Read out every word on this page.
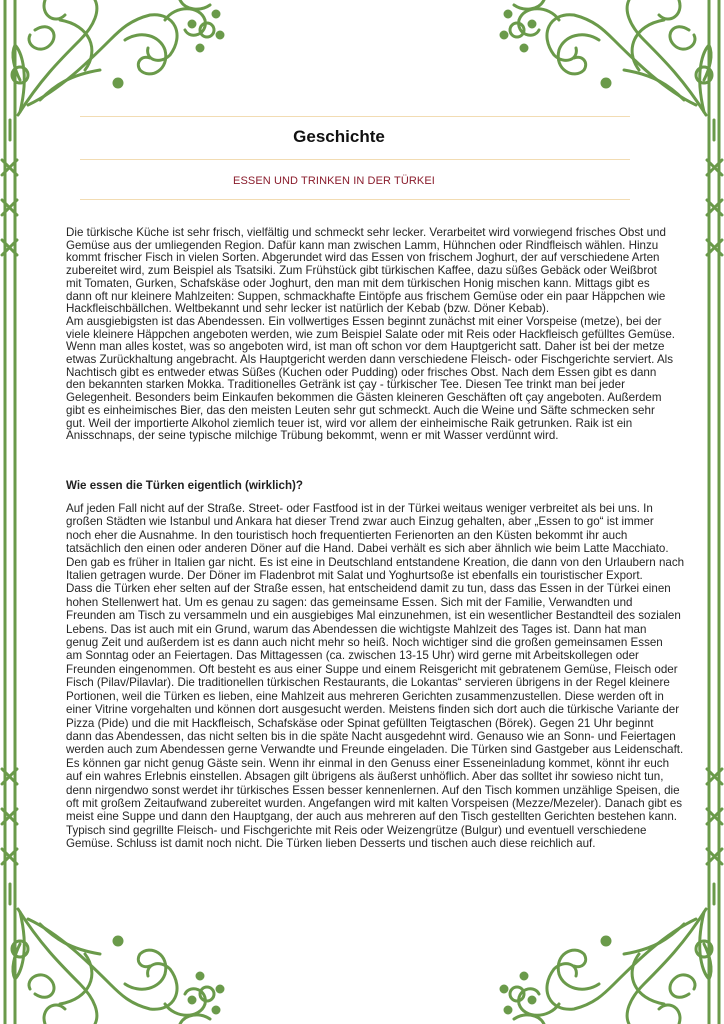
Geschichte
ESSEN UND TRINKEN IN DER TÜRKEI
Die türkische Küche ist sehr frisch, vielfältig und schmeckt sehr lecker. Verarbeitet wird vorwiegend frisches Obst und
Gemüse aus der umliegenden Region. Dafür kann man zwischen Lamm, Hühnchen oder Rindfleisch wählen. Hinzu
kommt frischer Fisch in vielen Sorten. Abgerundet wird das Essen von frischem Joghurt, der auf verschiedene Arten
zubereitet wird, zum Beispiel als Tsatsiki. Zum Frühstück gibt türkischen Kaffee, dazu süßes Gebäck oder Weißbrot
mit Tomaten, Gurken, Schafskäse oder Joghurt, den man mit dem türkischen Honig mischen kann. Mittags gibt es
dann oft nur kleinere Mahlzeiten: Suppen, schmackhafte Eintöpfe aus frischem Gemüse oder ein paar Häppchen wie
Hackfleischbällchen. Weltbekannt und sehr lecker ist natürlich der Kebab (bzw. Döner Kebab).
Am ausgiebigsten ist das Abendessen. Ein vollwertiges Essen beginnt zunächst mit einer Vorspeise (metze), bei der
viele kleinere Häppchen angeboten werden, wie zum Beispiel Salate oder mit Reis oder Hackfleisch gefülltes Gemüse.
Wenn man alles kostet, was so angeboten wird, ist man oft schon vor dem Hauptgericht satt. Daher ist bei der metze
etwas Zurückhaltung angebracht. Als Hauptgericht werden dann verschiedene Fleisch- oder Fischgerichte serviert. Als
Nachtisch gibt es entweder etwas Süßes (Kuchen oder Pudding) oder frisches Obst. Nach dem Essen gibt es dann
den bekannten starken Mokka. Traditionelles Getränk ist çay - türkischer Tee. Diesen Tee trinkt man bei jeder
Gelegenheit. Besonders beim Einkaufen bekommen die Gästen kleineren Geschäften oft çay angeboten. Außerdem
gibt es einheimisches Bier, das den meisten Leuten sehr gut schmeckt. Auch die Weine und Säfte schmecken sehr
gut. Weil der importierte Alkohol ziemlich teuer ist, wird vor allem der einheimische Raik getrunken. Raik ist ein
Anisschnaps, der seine typische milchige Trübung bekommt, wenn er mit Wasser verdünnt wird.
Wie essen die Türken eigentlich (wirklich)?
Auf jeden Fall nicht auf der Straße. Street- oder Fastfood ist in der Türkei weitaus weniger verbreitet als bei uns. In
großen Städten wie Istanbul und Ankara hat dieser Trend zwar auch Einzug gehalten, aber „Essen to go“ ist immer
noch eher die Ausnahme. In den touristisch hoch frequentierten Ferienorten an den Küsten bekommt ihr auch
tatsächlich den einen oder anderen Döner auf die Hand. Dabei verhält es sich aber ähnlich wie beim Latte Macchiato.
Den gab es früher in Italien gar nicht. Es ist eine in Deutschland entstandene Kreation, die dann von den Urlaubern nach
Italien getragen wurde. Der Döner im Fladenbrot mit Salat und Yoghurtsoße ist ebenfalls ein touristischer Export.
Dass die Türken eher selten auf der Straße essen, hat entscheidend damit zu tun, dass das Essen in der Türkei einen
hohen Stellenwert hat. Um es genau zu sagen: das gemeinsame Essen. Sich mit der Familie, Verwandten und
Freunden am Tisch zu versammeln und ein ausgiebiges Mal einzunehmen, ist ein wesentlicher Bestandteil des sozialen
Lebens. Das ist auch mit ein Grund, warum das Abendessen die wichtigste Mahlzeit des Tages ist. Dann hat man
genug Zeit und außerdem ist es dann auch nicht mehr so heiß. Noch wichtiger sind die großen gemeinsamen Essen
am Sonntag oder an Feiertagen. Das Mittagessen (ca. zwischen 13-15 Uhr) wird gerne mit Arbeitskollegen oder
Freunden eingenommen. Oft besteht es aus einer Suppe und einem Reisgericht mit gebratenem Gemüse, Fleisch oder
Fisch (Pilav/Pilavlar). Die traditionellen türkischen Restaurants, die Lokantas“ servieren übrigens in der Regel kleinere
Portionen, weil die Türken es lieben, eine Mahlzeit aus mehreren Gerichten zusammenzustellen. Diese werden oft in
einer Vitrine vorgehalten und können dort ausgesucht werden. Meistens finden sich dort auch die türkische Variante der
Pizza (Pide) und die mit Hackfleisch, Schafskäse oder Spinat gefüllten Teigtaschen (Börek). Gegen 21 Uhr beginnt
dann das Abendessen, das nicht selten bis in die späte Nacht ausgedehnt wird. Genauso wie an Sonn- und Feiertagen
werden auch zum Abendessen gerne Verwandte und Freunde eingeladen. Die Türken sind Gastgeber aus Leidenschaft.
Es können gar nicht genug Gäste sein. Wenn ihr einmal in den Genuss einer Esseneinladung kommet, könnt ihr euch
auf ein wahres Erlebnis einstellen. Absagen gilt übrigens als äußerst unhöflich. Aber das solltet ihr sowieso nicht tun,
denn nirgendwo sonst werdet ihr türkisches Essen besser kennenlernen. Auf den Tisch kommen unzählige Speisen, die
oft mit großem Zeitaufwand zubereitet wurden. Angefangen wird mit kalten Vorspeisen (Mezze/Mezeler). Danach gibt es
meist eine Suppe und dann den Hauptgang, der auch aus mehreren auf den Tisch gestellten Gerichten bestehen kann.
Typisch sind gegrillte Fleisch- und Fischgerichte mit Reis oder Weizengrütze (Bulgur) und eventuell verschiedene
Gemüse. Schluss ist damit noch nicht. Die Türken lieben Desserts und tischen auch diese reichlich auf.
